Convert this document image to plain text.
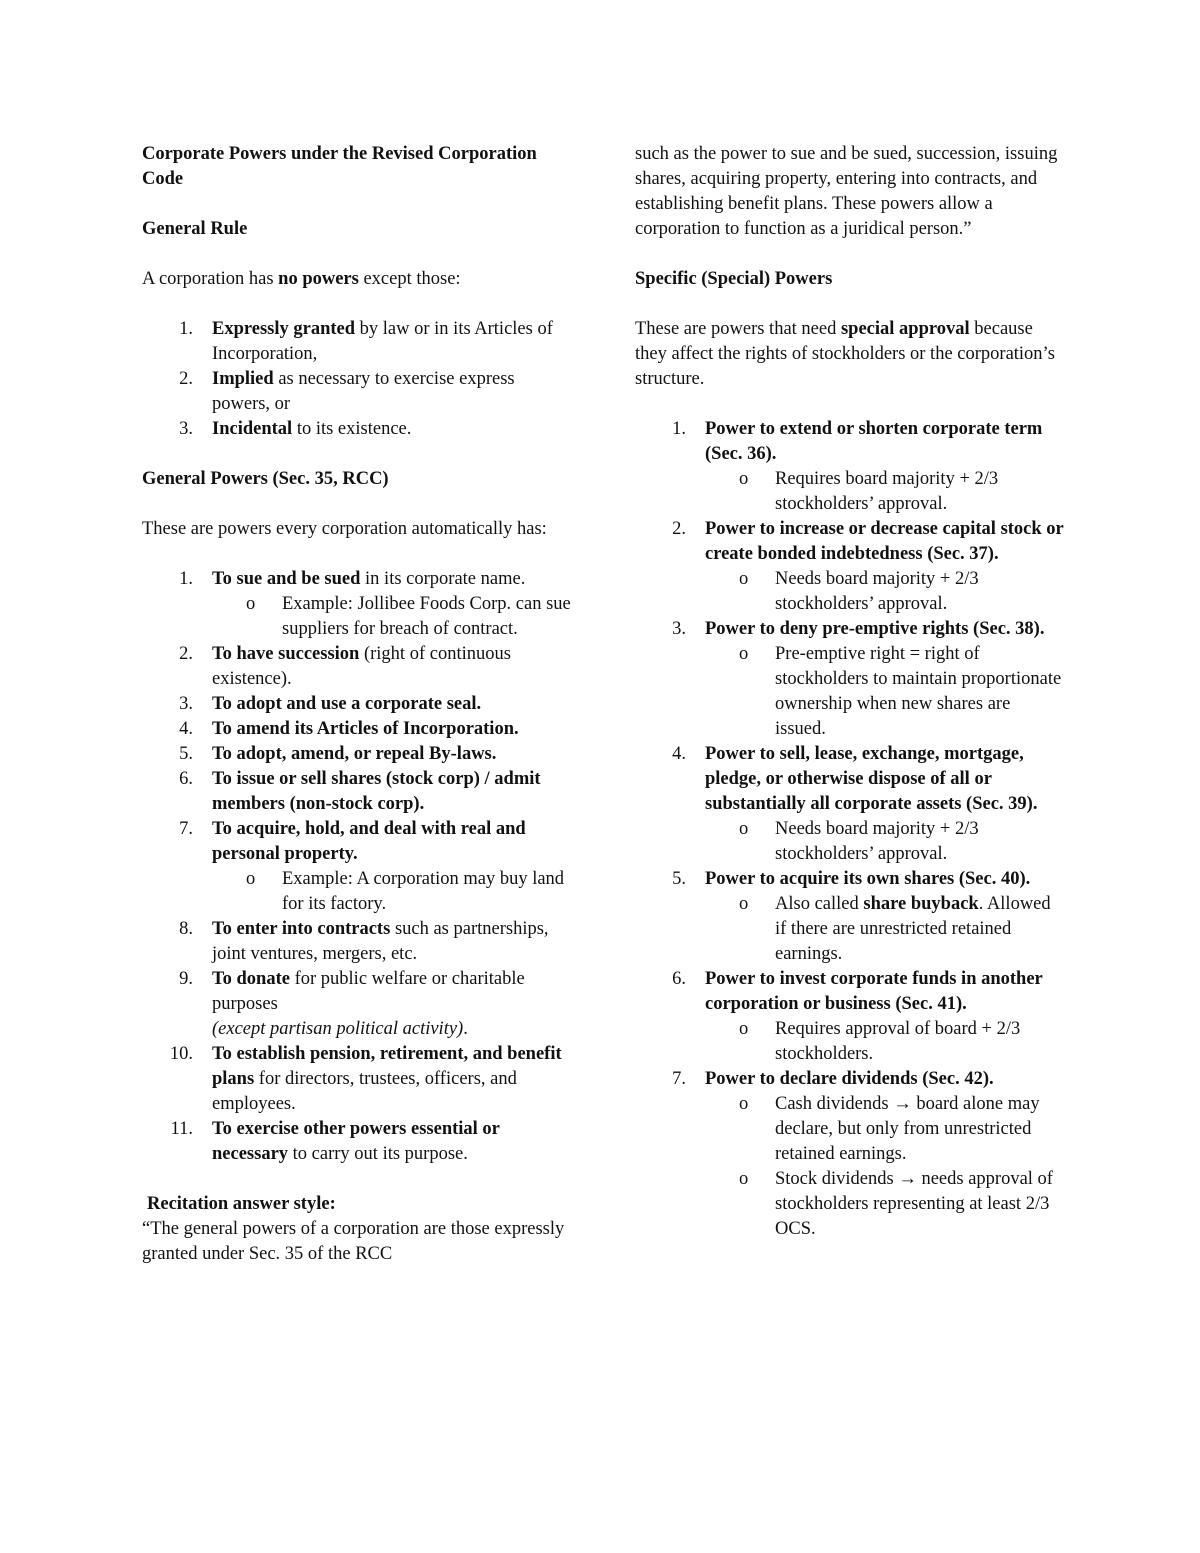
Corporate Powers under the Revised Corporation Code

General Rule

A corporation has no powers except those:

1. Expressly granted by law or in its Articles of Incorporation,
2. Implied as necessary to exercise express powers, or
3. Incidental to its existence.

General Powers (Sec. 35, RCC)

These are powers every corporation automatically has:

1. To sue and be sued in its corporate name.
o Example: Jollibee Foods Corp. can sue suppliers for breach of contract.
2. To have succession (right of continuous existence).
3. To adopt and use a corporate seal.
4. To amend its Articles of Incorporation.
5. To adopt, amend, or repeal By-laws.
6. To issue or sell shares (stock corp) / admit members (non-stock corp).
7. To acquire, hold, and deal with real and personal property.
o Example: A corporation may buy land for its factory.
8. To enter into contracts such as partnerships, joint ventures, mergers, etc.
9. To donate for public welfare or charitable purposes
(except partisan political activity).
10. To establish pension, retirement, and benefit plans for directors, trustees, officers, and employees.
11. To exercise other powers essential or necessary to carry out its purpose.

Recitation answer style:

“The general powers of a corporation are those expressly granted under Sec. 35 of the RCC

such as the power to sue and be sued, succession, issuing shares, acquiring property, entering into contracts, and establishing benefit plans. These powers allow a corporation to function as a juridical person.”

Specific (Special) Powers

These are powers that need special approval because they affect the rights of stockholders or the corporation’s structure.

1. Power to extend or shorten corporate term (Sec. 36).
o Requires board majority + 2/3 stockholders’ approval.
2. Power to increase or decrease capital stock or create bonded indebtedness (Sec. 37).
o Needs board majority + 2/3 stockholders’ approval.
3. Power to deny pre-emptive rights (Sec. 38).
o Pre-emptive right = right of stockholders to maintain proportionate ownership when new shares are issued.
4. Power to sell, lease, exchange, mortgage, pledge, or otherwise dispose of all or substantially all corporate assets (Sec. 39).
o Needs board majority + 2/3 stockholders’ approval.
5. Power to acquire its own shares (Sec. 40).
o Also called share buyback. Allowed if there are unrestricted retained earnings.
6. Power to invest corporate funds in another corporation or business (Sec. 41).
o Requires approval of board + 2/3 stockholders.
7. Power to declare dividends (Sec. 42).
o Cash dividends → board alone may declare, but only from unrestricted retained earnings.
o Stock dividends → needs approval of stockholders representing at least 2/3 OCS.
